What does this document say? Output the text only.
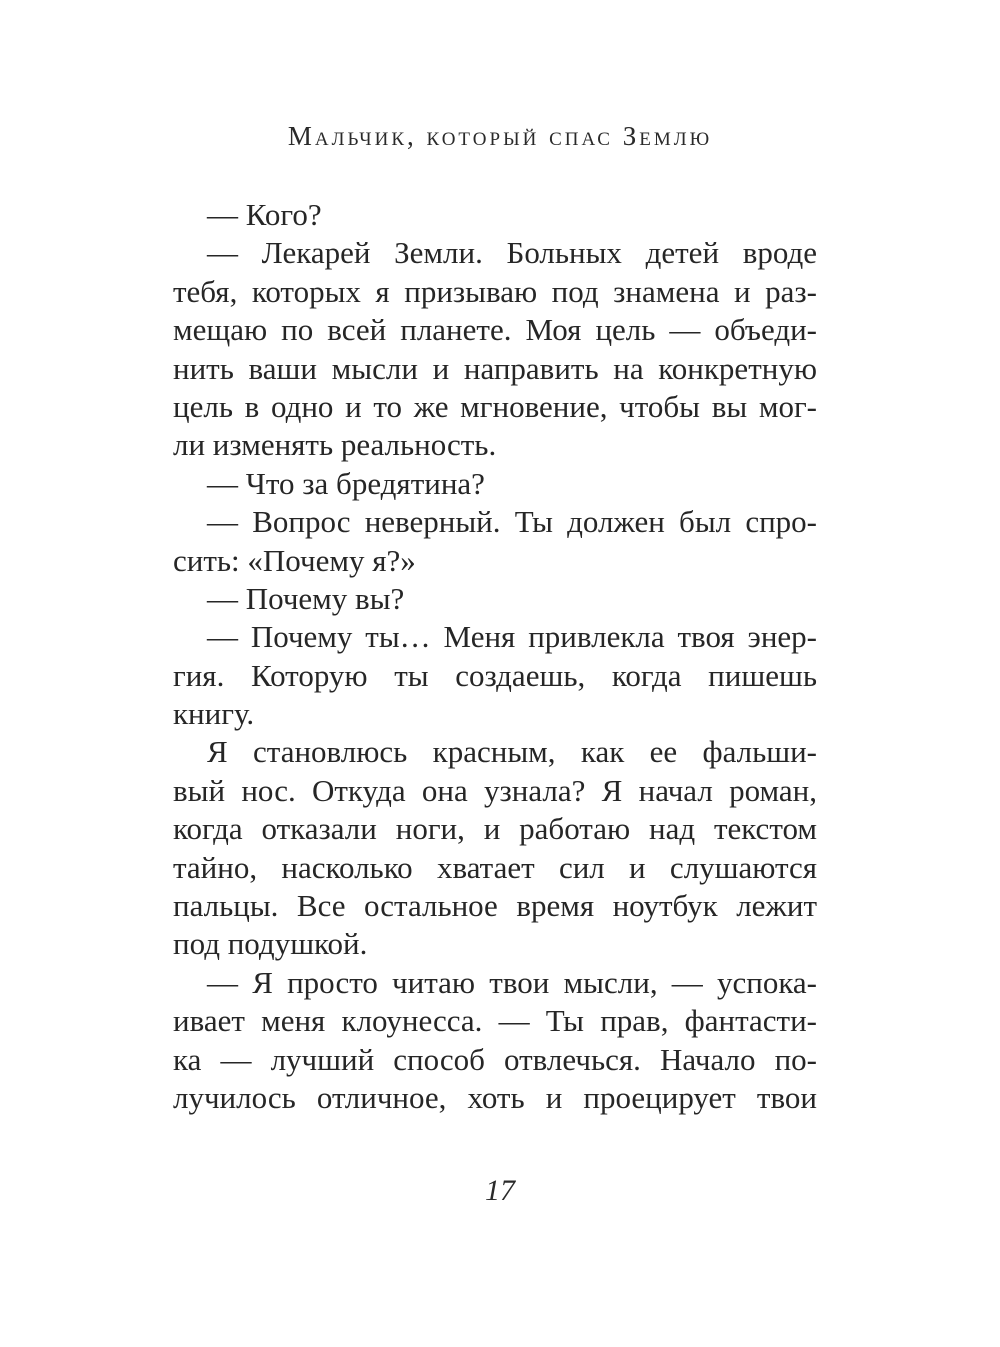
Мальчик, который спас Землю
— Кого?
— Лекарей Земли. Больных детей вроде
тебя, которых я призываю под знамена и раз-
мещаю по всей планете. Моя цель — объеди-
нить ваши мысли и направить на конкретную
цель в одно и то же мгновение, чтобы вы мог-
ли изменять реальность.
— Что за бредятина?
— Вопрос неверный. Ты должен был спро-
сить: «Почему я?»
— Почему вы?
— Почему ты… Меня привлекла твоя энер-
гия. Которую ты создаешь, когда пишешь
книгу.
Я становлюсь красным, как ее фальши-
вый нос. Откуда она узнала? Я начал роман,
когда отказали ноги, и работаю над текстом
тайно, насколько хватает сил и слушаются
пальцы. Все остальное время ноутбук лежит
под подушкой.
— Я просто читаю твои мысли, — успока-
ивает меня клоунесса. — Ты прав, фантасти-
ка — лучший способ отвлечься. Начало по-
лучилось отличное, хоть и проецирует твои
17
